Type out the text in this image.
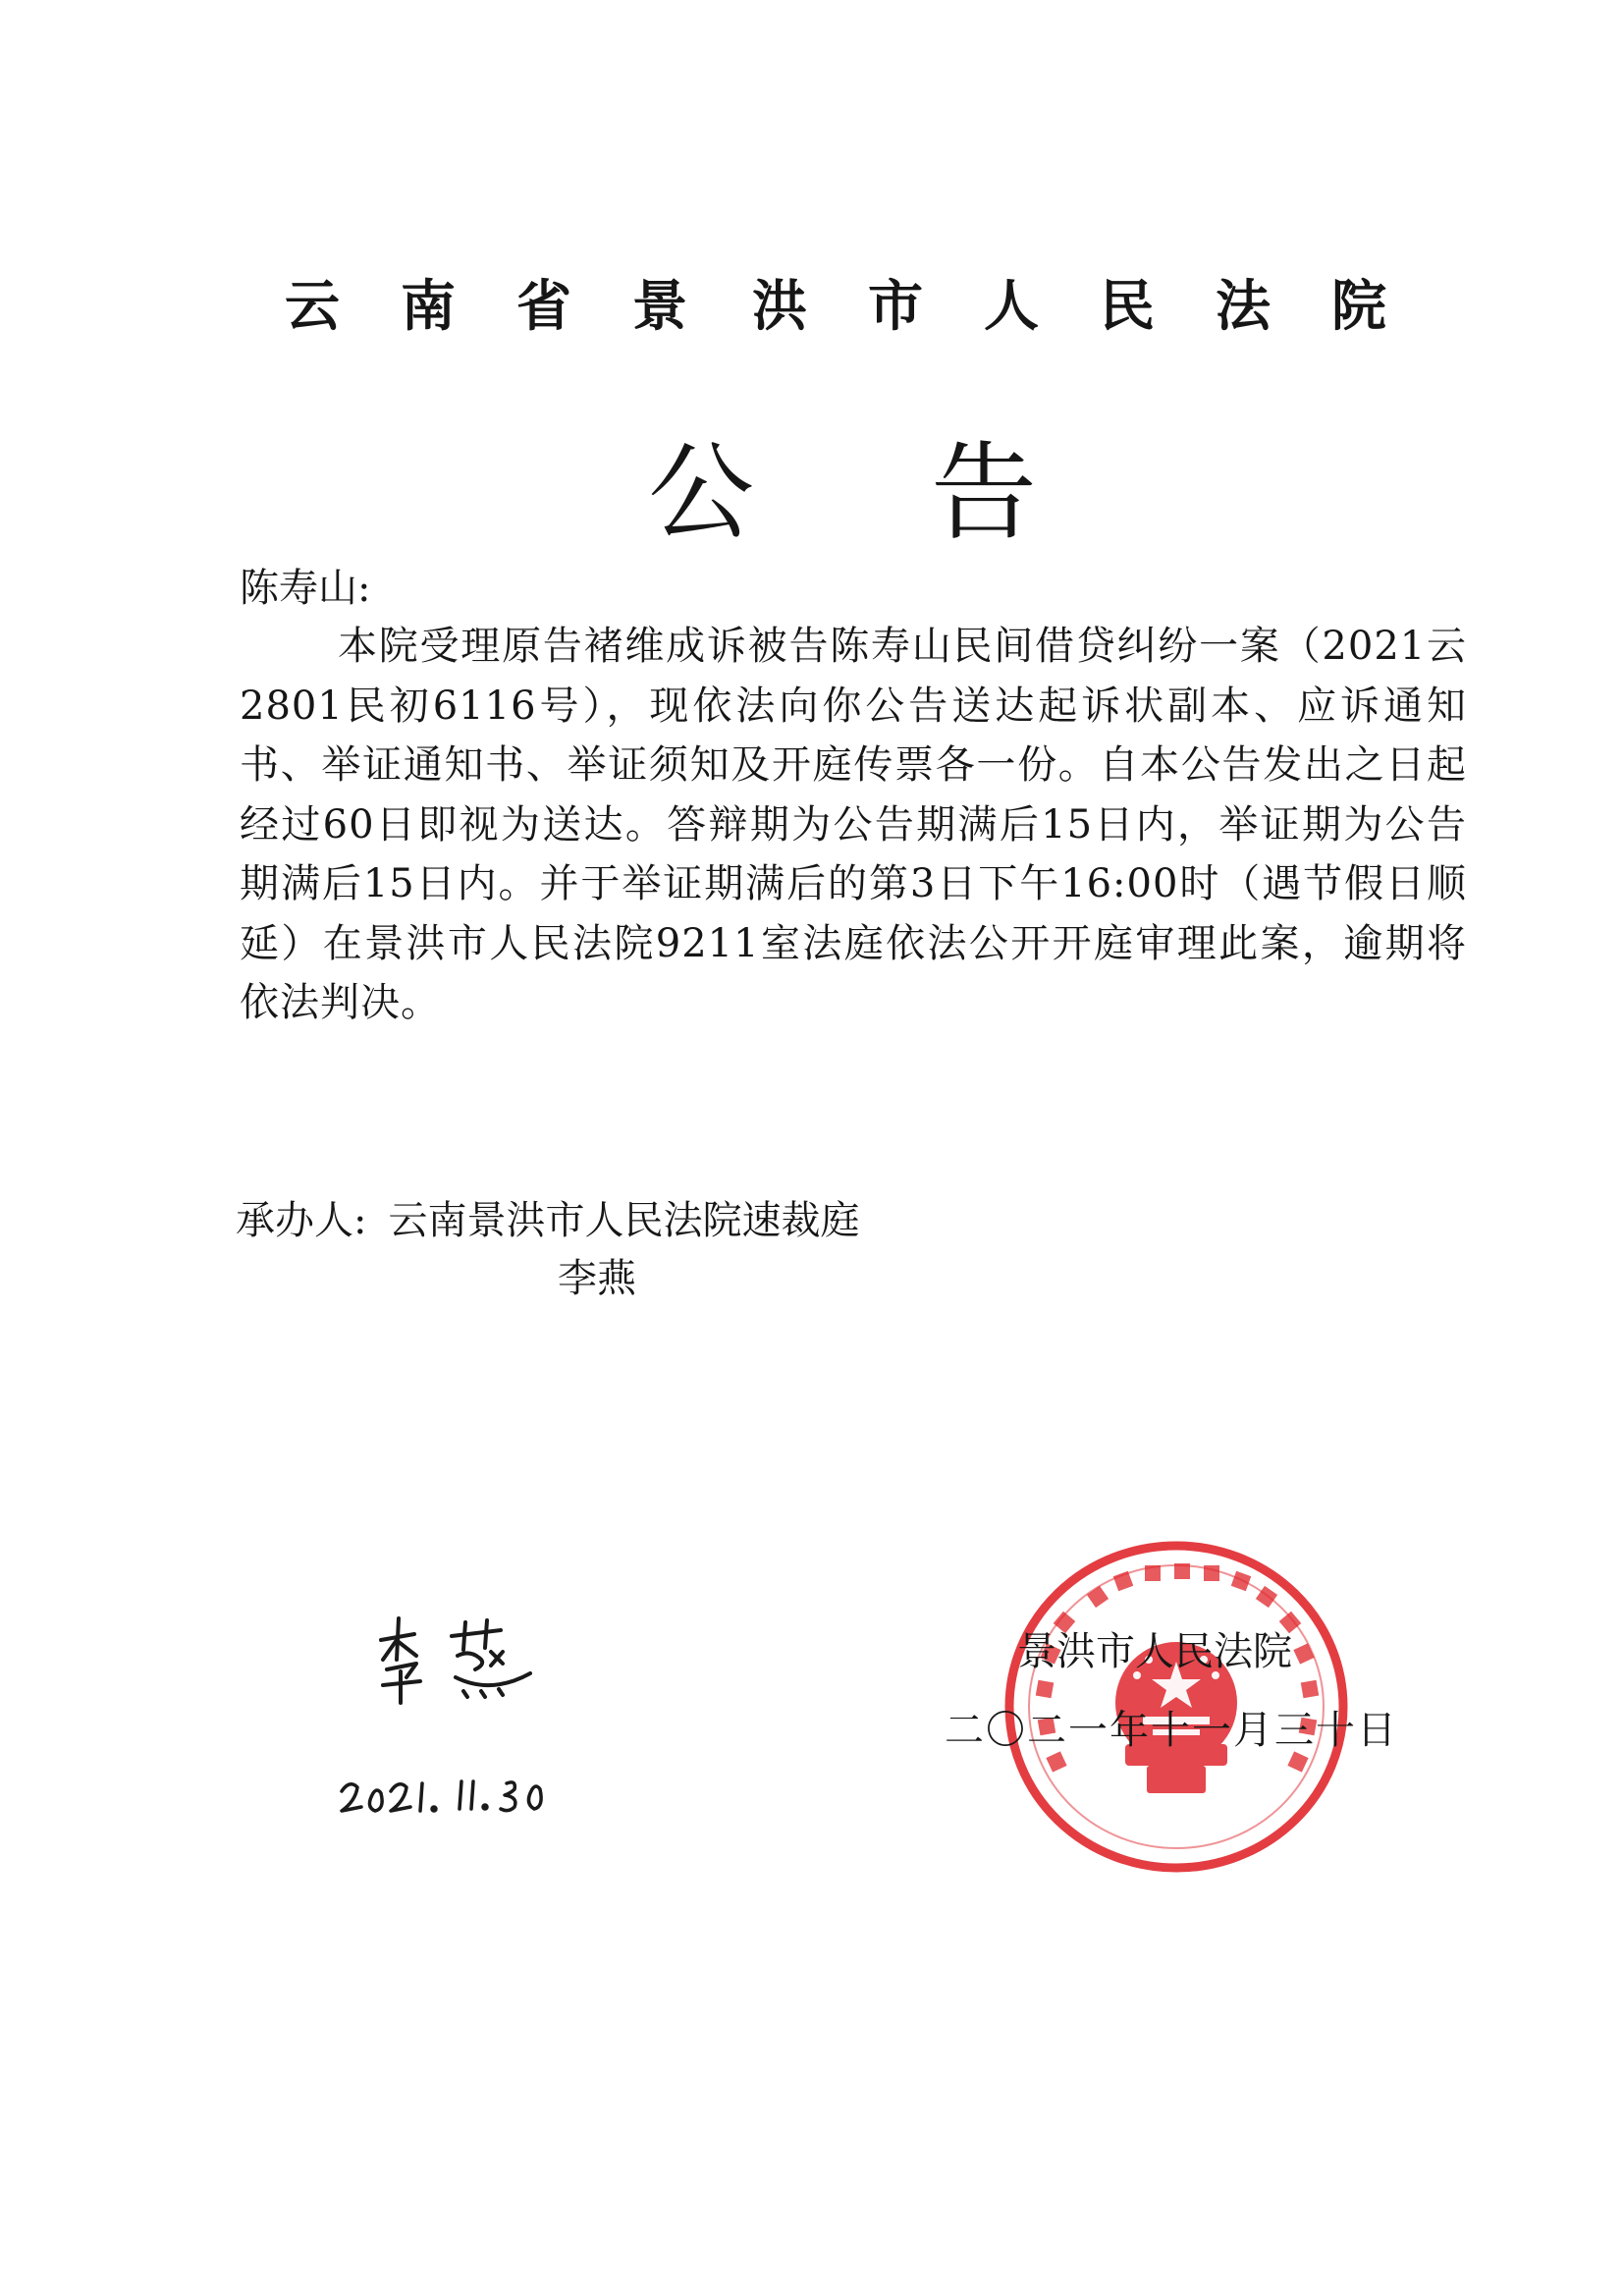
云南省景洪市人民法院
公告
陈寿山:
本院受理原告褚维成诉被告陈寿山民间借贷纠纷一案（2021云2801民初6116号），现依法向你公告送达起诉状副本、应诉通知书、举证通知书、举证须知及开庭传票各一份。自本公告发出之日起经过60日即视为送达。答辩期为公告期满后15日内，举证期为公告期满后15日内。并于举证期满后的第3日下午16:00时（遇节假日顺延）在景洪市人民法院9211室法庭依法公开开庭审理此案，逾期将依法判决。
承办人: 云南景洪市人民法院速裁庭
李燕
景洪市人民法院
二〇二一年十一月三十日
